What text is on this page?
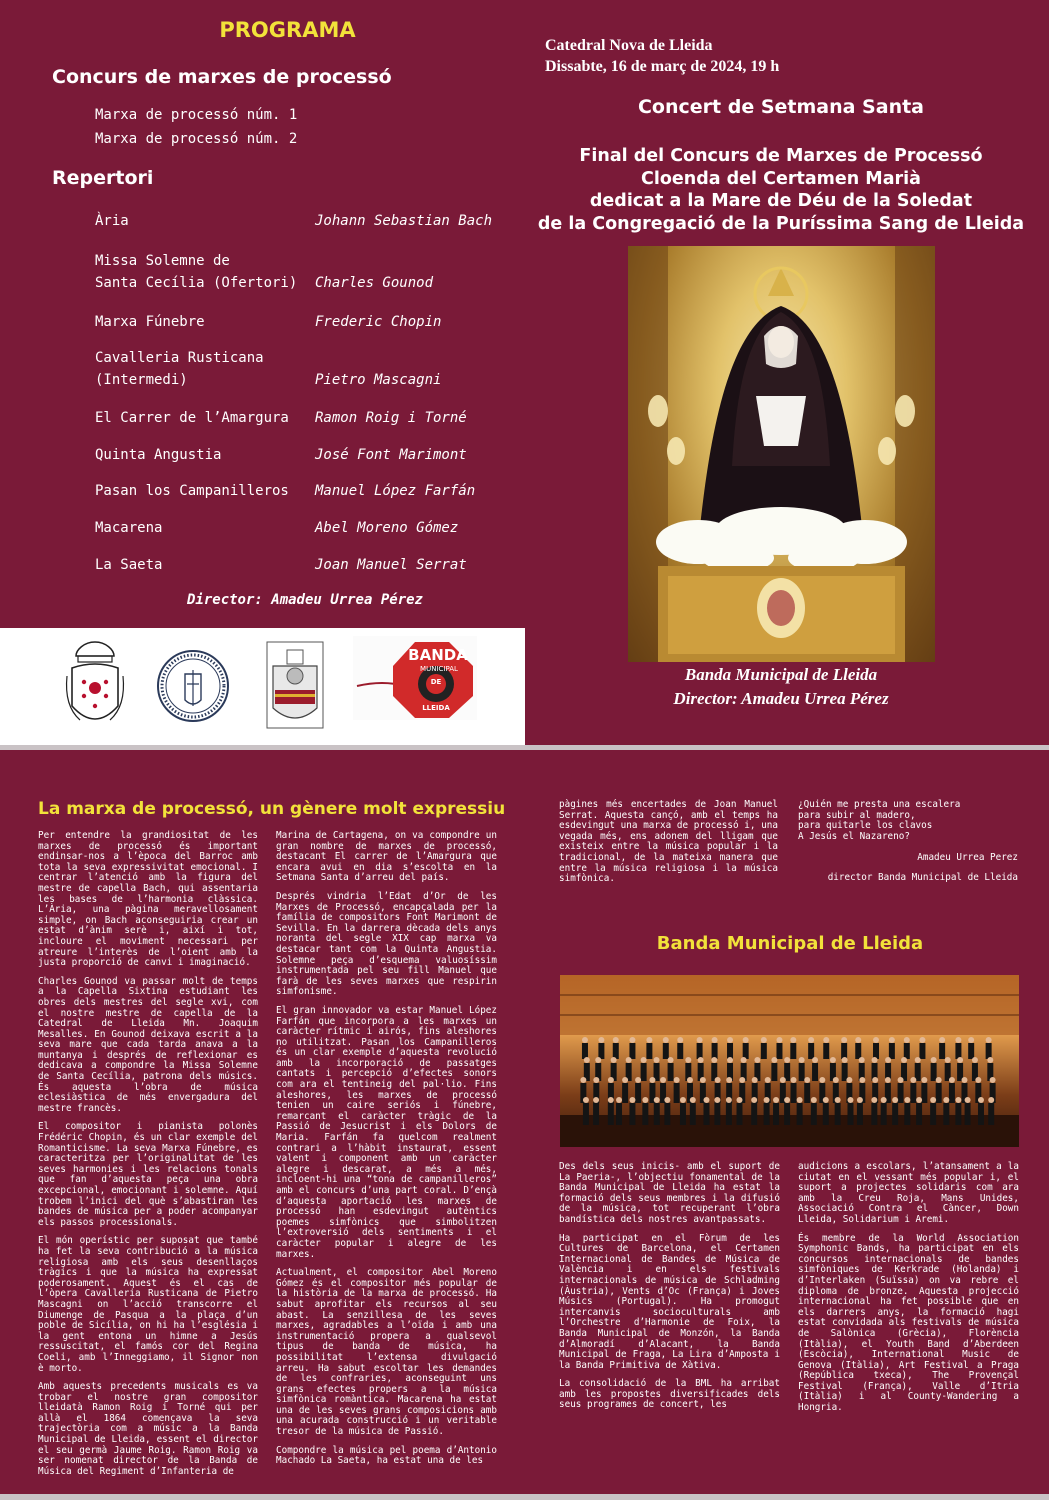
PROGRAMA
Concurs de marxes de processó
Marxa de processó núm. 1
Marxa de processó núm. 2
Repertori
Ària	Johann Sebastian Bach
Missa Solemne de
Santa Cecília (Ofertori)	Charles Gounod
Marxa Fúnebre	Frederic Chopin
Cavalleria Rusticana
(Intermedi)	Pietro Mascagni
El Carrer de l’Amargura	Ramon Roig i Torné
Quinta Angustia	José Font Marimont
Pasan los Campanilleros	Manuel López Farfán
Macarena	Abel Moreno Gómez
La Saeta	Joan Manuel Serrat
Director: Amadeu Urrea Pérez
BANDA
MUNICIPAL
DE
LLEIDA
Catedral Nova de Lleida
Dissabte, 16 de març de 2024, 19 h
Concert de Setmana Santa
Final del Concurs de Marxes de Processó
Cloenda del Certamen Marià
dedicat a la Mare de Déu de la Soledat
de la Congregació de la Puríssima Sang de Lleida
Banda Municipal de Lleida
Director: Amadeu Urrea Pérez
La marxa de processó, un gènere molt expressiu

Per entendre la grandiositat de les marxes de processó és important endinsar-nos a l’època del Barroc amb tota la seva expressivitat emocional. I centrar l’atenció amb la figura del mestre de capella Bach, qui assentaria les bases de l’harmonia clàssica. L’Ària, una pàgina meravellosament simple, on Bach aconseguiria crear un estat d’ànim serè i, així i tot, incloure el moviment necessari per atreure l’interès de l’oient amb la justa proporció de canvi i imaginació.

Charles Gounod va passar molt de temps a la Capella Sixtina estudiant les obres dels mestres del segle xvi, com el nostre mestre de capella de la Catedral de Lleida Mn. Joaquim Mesalles. En Gounod deixava escrit a la seva mare que cada tarda anava a la muntanya i després de reflexionar es dedicava a compondre la Missa Solemne de Santa Cecília, patrona dels músics. És aquesta l’obra de música eclesiàstica de més envergadura del mestre francès.

El compositor i pianista polonès Frédéric Chopin, és un clar exemple del Romanticisme. La seva Marxa Fúnebre, es caracteritza per l’originalitat de les seves harmonies i les relacions tonals que fan d’aquesta peça una obra excepcional, emocionant i solemne. Aquí trobem l’inici del què s’abastiran les bandes de música per a poder acompanyar els passos processionals.

El món operístic per suposat que també ha fet la seva contribució a la música religiosa amb els seus desenllaços tràgics i que la música ha expressat poderosament. Aquest és el cas de l’òpera Cavalleria Rusticana de Pietro Mascagni on l’acció transcorre el Diumenge de Pasqua a la plaça d’un poble de Sicília, on hi ha l’església i la gent entona un himne a Jesús ressuscitat, el famós cor del Regina Coeli, amb l’Inneggiamo, il Signor non è morto.

Amb aquests precedents musicals es va trobar el nostre gran compositor lleidatà Ramon Roig i Torné qui per allà el 1864 començava la seva trajectòria com a músic a la Banda Municipal de Lleida, essent el director el seu germà Jaume Roig. Ramon Roig va ser nomenat director de la Banda de Música del Regiment d’Infanteria de

Marina de Cartagena, on va compondre un gran nombre de marxes de processó, destacant El carrer de l’Amargura que encara avui en dia s’escolta en la Setmana Santa d’arreu del país.

Després vindria l’Edat d’Or de les Marxes de Processó, encapçalada per la família de compositors Font Marimont de Sevilla. En la darrera dècada dels anys noranta del segle XIX cap marxa va destacar tant com la Quinta Angustia. Solemne peça d’esquema valuosíssim instrumentada pel seu fill Manuel que farà de les seves marxes que respirin simfonisme.

El gran innovador va estar Manuel López Farfán que incorpora a les marxes un caràcter rítmic i airós, fins aleshores no utilitzat. Pasan los Campanilleros és un clar exemple d’aquesta revolució amb la incorporació de passatges cantats i percepció d’efectes sonors com ara el tentineig del pal·lio. Fins aleshores, les marxes de processó tenien un caire seriós i fúnebre, remarcant el caràcter tràgic de la Passió de Jesucrist i els Dolors de Maria. Farfán fa quelcom realment contrari a l’hàbit instaurat, essent valent i component amb un caràcter alegre i descarat, a més a més, incloent-hi una “tona de campanilleros” amb el concurs d’una part coral. D’ençà d’aquesta aportació les marxes de processó han esdevingut autèntics poemes simfònics que simbolitzen l’extroversió dels sentiments i el caràcter popular i alegre de les marxes.

Actualment, el compositor Abel Moreno Gómez és el compositor més popular de la història de la marxa de processó. Ha sabut aprofitar els recursos al seu abast. La senzillesa de les seves marxes, agradables a l’oïda i amb una instrumentació propera a qualsevol tipus de banda de música, ha possibilitat l’extensa divulgació arreu. Ha sabut escoltar les demandes de les confraries, aconseguint uns grans efectes propers a la música simfònica romàntica. Macarena ha estat una de les seves grans composicions amb una acurada construcció i un veritable tresor de la música de Passió.

Compondre la música pel poema d’Antonio Machado La Saeta, ha estat una de les

pàgines més encertades de Joan Manuel Serrat. Aquesta cançó, amb el temps ha esdevingut una marxa de processó i, una vegada més, ens adonem del lligam que existeix entre la música popular i la tradicional, de la mateixa manera que entre la música religiosa i la música simfònica.

¿Quién me presta una escalera
para subir al madero,
para quitarle los clavos
A Jesús el Nazareno?
Amadeu Urrea Perez
director Banda Municipal de Lleida
Banda Municipal de Lleida

Des dels seus inicis- amb el suport de La Paeria-, l’objectiu fonamental de la Banda Municipal de Lleida ha estat la formació dels seus membres i la difusió de la música, tot recuperant l’obra bandística dels nostres avantpassats.

Ha participat en el Fòrum de les Cultures de Barcelona, el Certamen Internacional de Bandes de Música de València i en els festivals internacionals de música de Schladming (Àustria), Vents d’Oc (França) i Joves Músics (Portugal). Ha promogut intercanvis socioculturals amb l’Orchestre d’Harmonie de Foix, la Banda Municipal de Monzón, la Banda d’Almoradí d’Alacant, la Banda Municipal de Fraga, La Lira d’Amposta i la Banda Primitiva de Xàtiva.

La consolidació de la BML ha arribat amb les propostes diversificades dels seus programes de concert, les

audicions a escolars, l’atansament a la ciutat en el vessant més popular i, el suport a projectes solidaris com ara amb la Creu Roja, Mans Unides, Associació Contra el Càncer, Down Lleida, Solidarium i Aremi.

És membre de la World Association Symphonic Bands, ha participat en els concursos internacionals de bandes simfòniques de Kerkrade (Holanda) i d’Interlaken (Suïssa) on va rebre el diploma de bronze. Aquesta projecció internacional ha fet possible que en els darrers anys, la formació hagi estat convidada als festivals de música de Salònica (Grècia), Florència (Itàlia), el Youth Band d’Aberdeen (Escòcia), International Music de Genova (Itàlia), Art Festival a Praga (República txeca), The Provençal Festival (França), Valle d’Itria (Itàlia) i al County-Wandering a Hongria.
